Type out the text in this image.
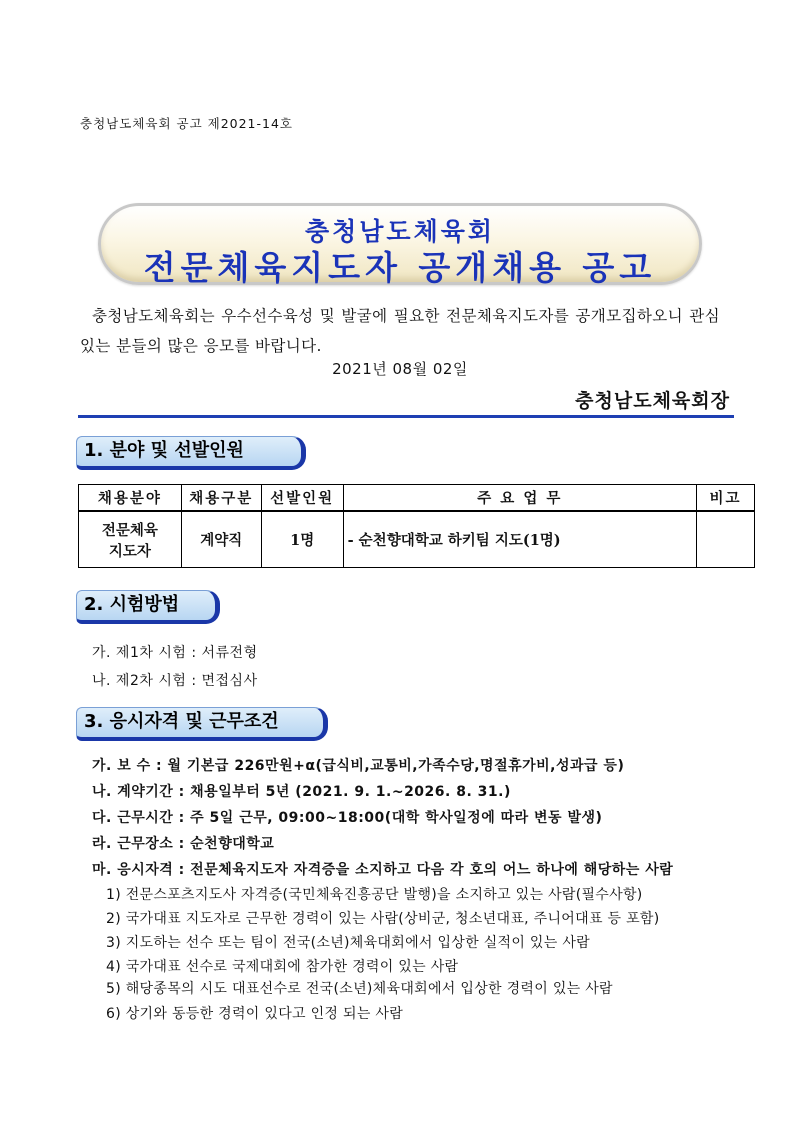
충청남도체육회 공고 제2021-14호
충청남도체육회
전문체육지도자 공개채용 공고
충청남도체육회는 우수선수육성 및 발굴에 필요한 전문체육지도자를 공개모집하오니 관심 있는 분들의 많은 응모를 바랍니다.
2021년 08월 02일
충청남도체육회장
1. 분야 및 선발인원
채용분야	채용구분	선발인원	주 요 업 무	비고

전문체육
지도자	계약직	1명	- 순천향대학교 하키팀 지도(1명)	
2. 시험방법
가. 제1차 시험 : 서류전형
나. 제2차 시험 : 면접심사
3. 응시자격 및 근무조건
가. 보 수 : 월 기본급 226만원+α(급식비,교통비,가족수당,명절휴가비,성과급 등)
나. 계약기간 : 채용일부터 5년 (2021. 9. 1.~2026. 8. 31.)
다. 근무시간 : 주 5일 근무, 09:00~18:00(대학 학사일정에 따라 변동 발생)
라. 근무장소 : 순천향대학교
마. 응시자격 : 전문체육지도자 자격증을 소지하고 다음 각 호의 어느 하나에 해당하는 사람
1) 전문스포츠지도사 자격증(국민체육진흥공단 발행)을 소지하고 있는 사람(필수사항)
2) 국가대표 지도자로 근무한 경력이 있는 사람(상비군, 청소년대표, 주니어대표 등 포함)
3) 지도하는 선수 또는 팀이 전국(소년)체육대회에서 입상한 실적이 있는 사람
4) 국가대표 선수로 국제대회에 참가한 경력이 있는 사람
5) 해당종목의 시도 대표선수로 전국(소년)체육대회에서 입상한 경력이 있는 사람
6) 상기와 동등한 경력이 있다고 인정 되는 사람
